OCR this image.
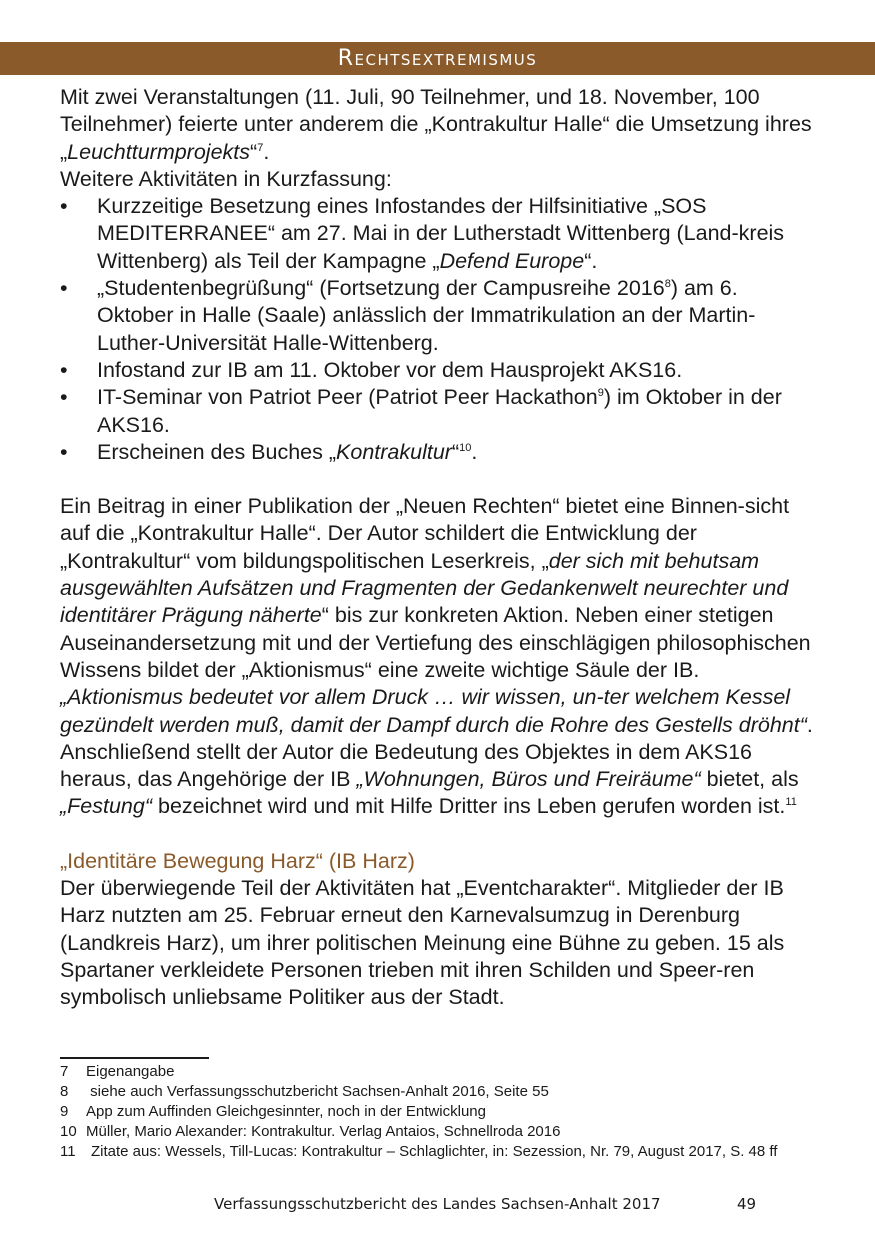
Rechtsextremismus

Mit zwei Veranstaltungen (11. Juli, 90 Teilnehmer, und 18. November, 100 Teilnehmer) feierte unter anderem die „Kontrakultur Halle“ die Umsetzung ihres „Leuchtturmprojekts“$^7$.

Weitere Aktivitäten in Kurzfassung:

• Kurzzeitige Besetzung eines Infostandes der Hilfsinitiative „SOS MEDITERRANEE“ am 27. Mai in der Lutherstadt Wittenberg (Land-kreis Wittenberg) als Teil der Kampagne „Defend Europe“.
• „Studentenbegrüßung“ (Fortsetzung der Campusreihe 2016$^8$) am 6. Oktober in Halle (Saale) anlässlich der Immatrikulation an der Martin-Luther-Universität Halle-Wittenberg.
• Infostand zur IB am 11. Oktober vor dem Hausprojekt AKS16.
• IT-Seminar von Patriot Peer (Patriot Peer Hackathon$^9$) im Oktober in der AKS16.
• Erscheinen des Buches „Kontrakultur“$^{10}$.

Ein Beitrag in einer Publikation der „Neuen Rechten“ bietet eine Binnen-sicht auf die „Kontrakultur Halle“. Der Autor schildert die Entwicklung der „Kontrakultur“ vom bildungspolitischen Leserkreis, „der sich mit behutsam ausgewählten Aufsätzen und Fragmenten der Gedankenwelt neurechter und identitärer Prägung näherte“ bis zur konkreten Aktion. Neben einer stetigen Auseinandersetzung mit und der Vertiefung des einschlägigen philosophischen Wissens bildet der „Aktionismus“ eine zweite wichtige Säule der IB. „Aktionismus bedeutet vor allem Druck … wir wissen, un-ter welchem Kessel gezündelt werden muß, damit der Dampf durch die Rohre des Gestells dröhnt“. Anschließend stellt der Autor die Bedeutung des Objektes in dem AKS16 heraus, das Angehörige der IB „Wohnungen, Büros und Freiräume“ bietet, als „Festung“ bezeichnet wird und mit Hilfe Dritter ins Leben gerufen worden ist.$^{11}$

„Identitäre Bewegung Harz“ (IB Harz)

Der überwiegende Teil der Aktivitäten hat „Eventcharakter“. Mitglieder der IB Harz nutzten am 25. Februar erneut den Karnevalsumzug in Derenburg (Landkreis Harz), um ihrer politischen Meinung eine Bühne zu geben. 15 als Spartaner verkleidete Personen trieben mit ihren Schilden und Speer-ren symbolisch unliebsame Politiker aus der Stadt.

7 Eigenangabe
8 siehe auch Verfassungsschutzbericht Sachsen-Anhalt 2016, Seite 55
9 App zum Auffinden Gleichgesinnter, noch in der Entwicklung
10 Müller, Mario Alexander: Kontrakultur. Verlag Antaios, Schnellroda 2016
11 Zitate aus: Wessels, Till-Lucas: Kontrakultur – Schlaglichter, in: Sezession, Nr. 79, August 2017, S. 48 ff
Verfassungsschutzbericht des Landes Sachsen-Anhalt 2017	49
